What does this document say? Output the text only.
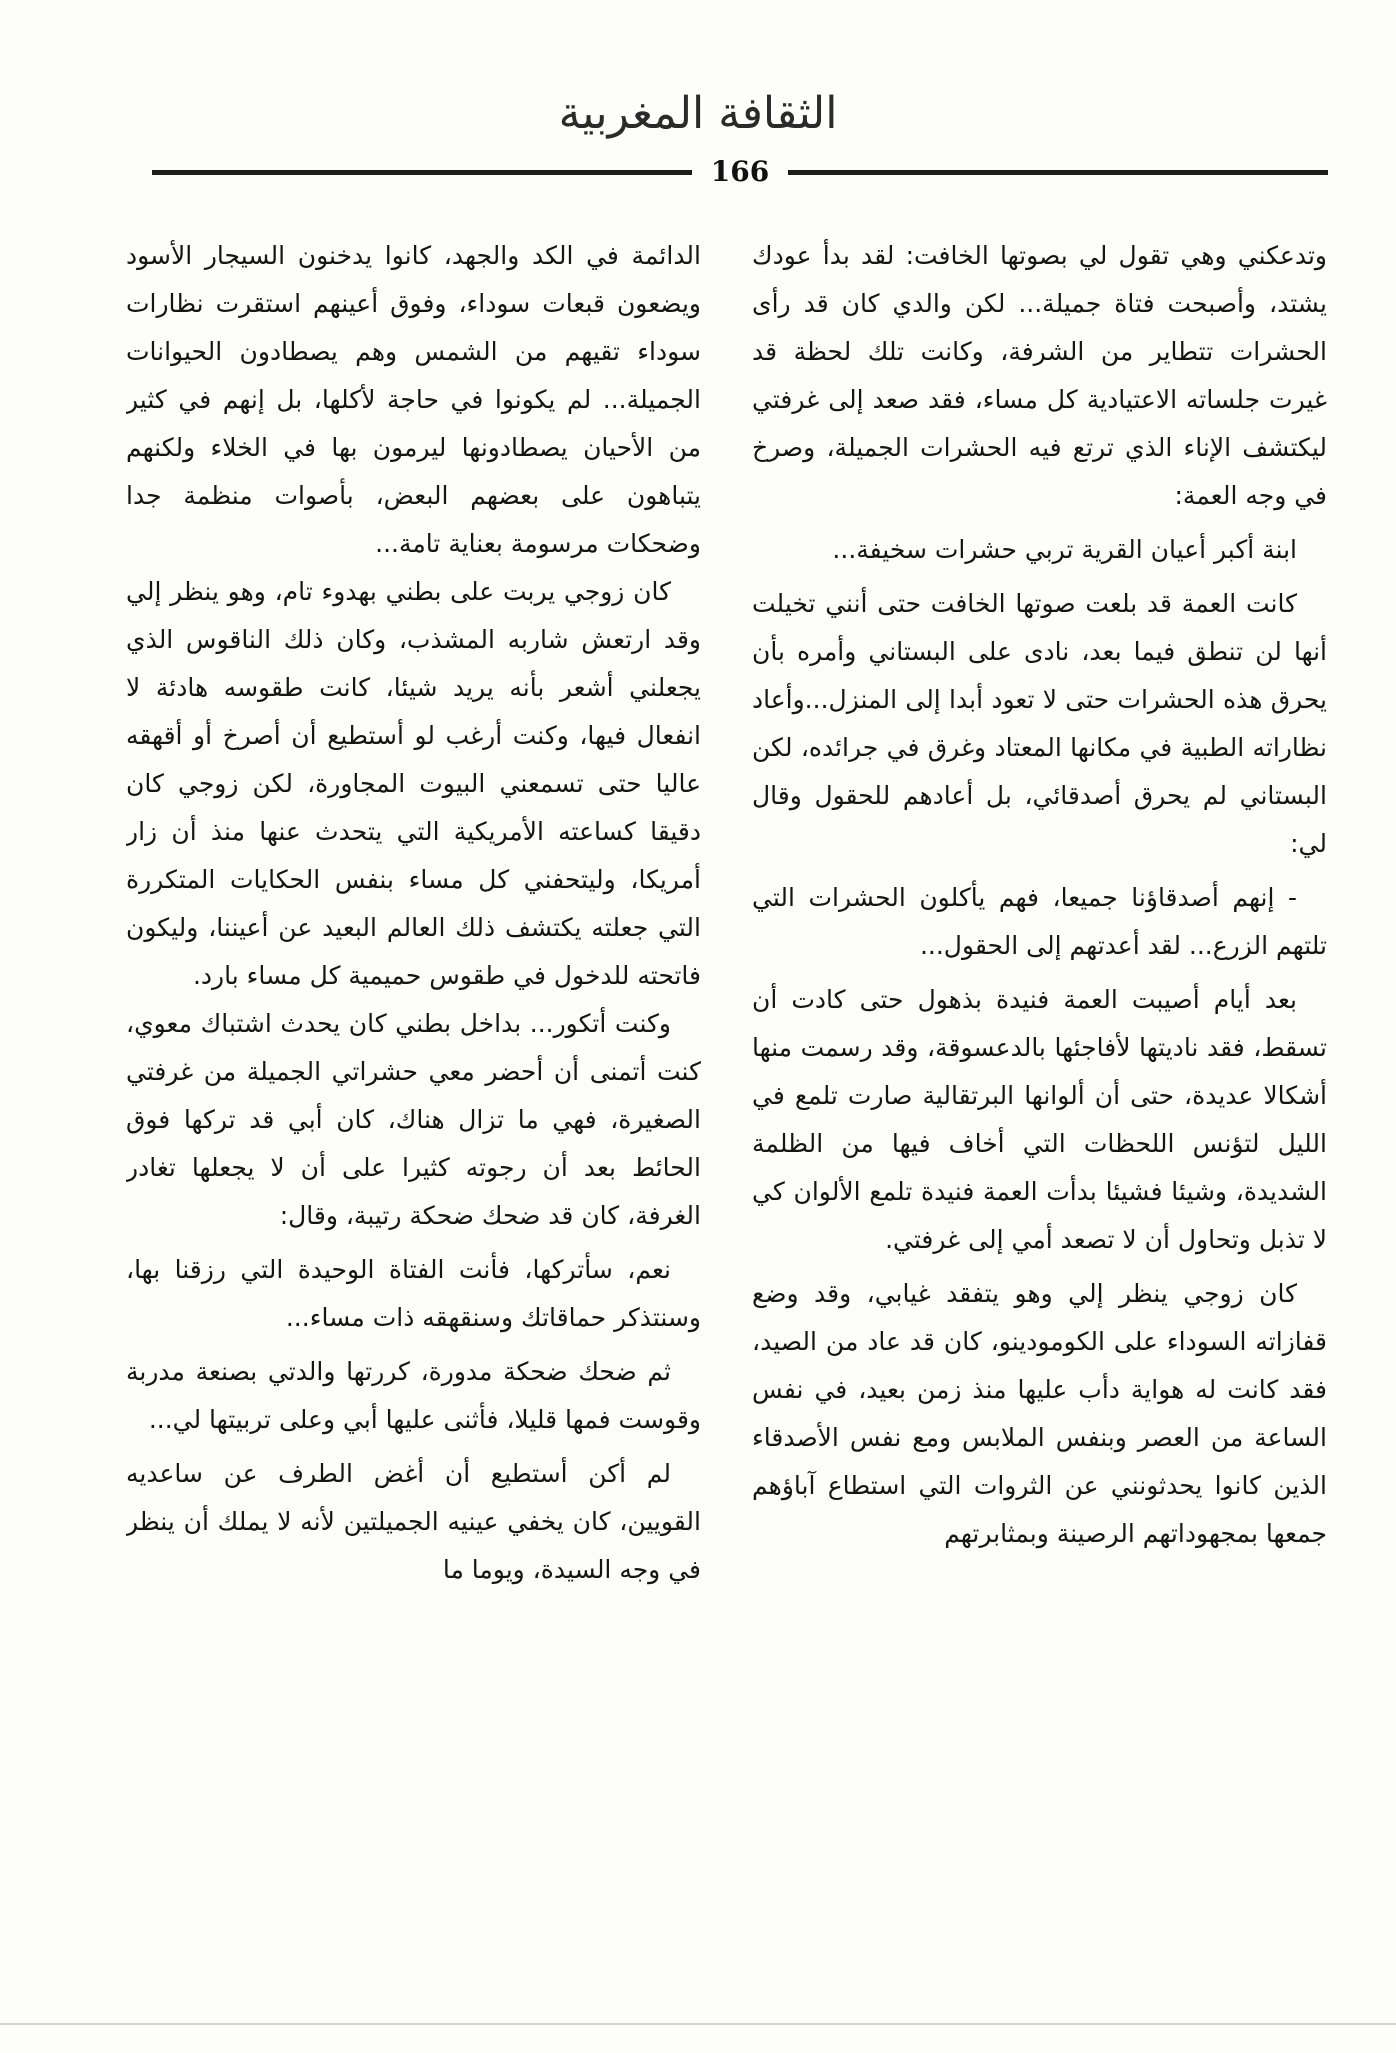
الثقافة المغربية
166

وتدعكني وهي تقول لي بصوتها الخافت: لقد بدأ عودك يشتد، وأصبحت فتاة جميلة... لكن والدي كان قد رأى الحشرات تتطاير من الشرفة، وكانت تلك لحظة قد غيرت جلساته الاعتيادية كل مساء، فقد صعد إلى غرفتي ليكتشف الإناء الذي ترتع فيه الحشرات الجميلة، وصرخ في وجه العمة:

ابنة أكبر أعيان القرية تربي حشرات سخيفة...

كانت العمة قد بلعت صوتها الخافت حتى أنني تخيلت أنها لن تنطق فيما بعد، نادى على البستاني وأمره بأن يحرق هذه الحشرات حتى لا تعود أبدا إلى المنزل...وأعاد نظاراته الطبية في مكانها المعتاد وغرق في جرائده، لكن البستاني لم يحرق أصدقائي، بل أعادهم للحقول وقال لي:

- إنهم أصدقاؤنا جميعا، فهم يأكلون الحشرات التي تلتهم الزرع... لقد أعدتهم إلى الحقول...

بعد أيام أصيبت العمة فنيدة بذهول حتى كادت أن تسقط، فقد ناديتها لأفاجئها بالدعسوقة، وقد رسمت منها أشكالا عديدة، حتى أن ألوانها البرتقالية صارت تلمع في الليل لتؤنس اللحظات التي أخاف فيها من الظلمة الشديدة، وشيئا فشيئا بدأت العمة فنيدة تلمع الألوان كي لا تذبل وتحاول أن لا تصعد أمي إلى غرفتي.

كان زوجي ينظر إلي وهو يتفقد غيابي، وقد وضع قفازاته السوداء على الكومودينو، كان قد عاد من الصيد، فقد كانت له هواية دأب عليها منذ زمن بعيد، في نفس الساعة من العصر وبنفس الملابس ومع نفس الأصدقاء الذين كانوا يحدثونني عن الثروات التي استطاع آباؤهم جمعها بمجهوداتهم الرصينة وبمثابرتهم

الدائمة في الكد والجهد، كانوا يدخنون السيجار الأسود ويضعون قبعات سوداء، وفوق أعينهم استقرت نظارات سوداء تقيهم من الشمس وهم يصطادون الحيوانات الجميلة... لم يكونوا في حاجة لأكلها، بل إنهم في كثير من الأحيان يصطادونها ليرمون بها في الخلاء ولكنهم يتباهون على بعضهم البعض، بأصوات منظمة جدا وضحكات مرسومة بعناية تامة...

كان زوجي يربت على بطني بهدوء تام، وهو ينظر إلي وقد ارتعش شاربه المشذب، وكان ذلك الناقوس الذي يجعلني أشعر بأنه يريد شيئا، كانت طقوسه هادئة لا انفعال فيها، وكنت أرغب لو أستطيع أن أصرخ أو أقهقه عاليا حتى تسمعني البيوت المجاورة، لكن زوجي كان دقيقا كساعته الأمريكية التي يتحدث عنها منذ أن زار أمريكا، وليتحفني كل مساء بنفس الحكايات المتكررة التي جعلته يكتشف ذلك العالم البعيد عن أعيننا، وليكون فاتحته للدخول في طقوس حميمية كل مساء بارد.

وكنت أتكور... بداخل بطني كان يحدث اشتباك معوي، كنت أتمنى أن أحضر معي حشراتي الجميلة من غرفتي الصغيرة، فهي ما تزال هناك، كان أبي قد تركها فوق الحائط بعد أن رجوته كثيرا على أن لا يجعلها تغادر الغرفة، كان قد ضحك ضحكة رتيبة، وقال:

نعم، سأتركها، فأنت الفتاة الوحيدة التي رزقنا بها، وسنتذكر حماقاتك وسنقهقه ذات مساء...

ثم ضحك ضحكة مدورة، كررتها والدتي بصنعة مدربة وقوست فمها قليلا، فأثنى عليها أبي وعلى تربيتها لي...

لم أكن أستطيع أن أغض الطرف عن ساعديه القويين، كان يخفي عينيه الجميلتين لأنه لا يملك أن ينظر في وجه السيدة، ويوما ما
